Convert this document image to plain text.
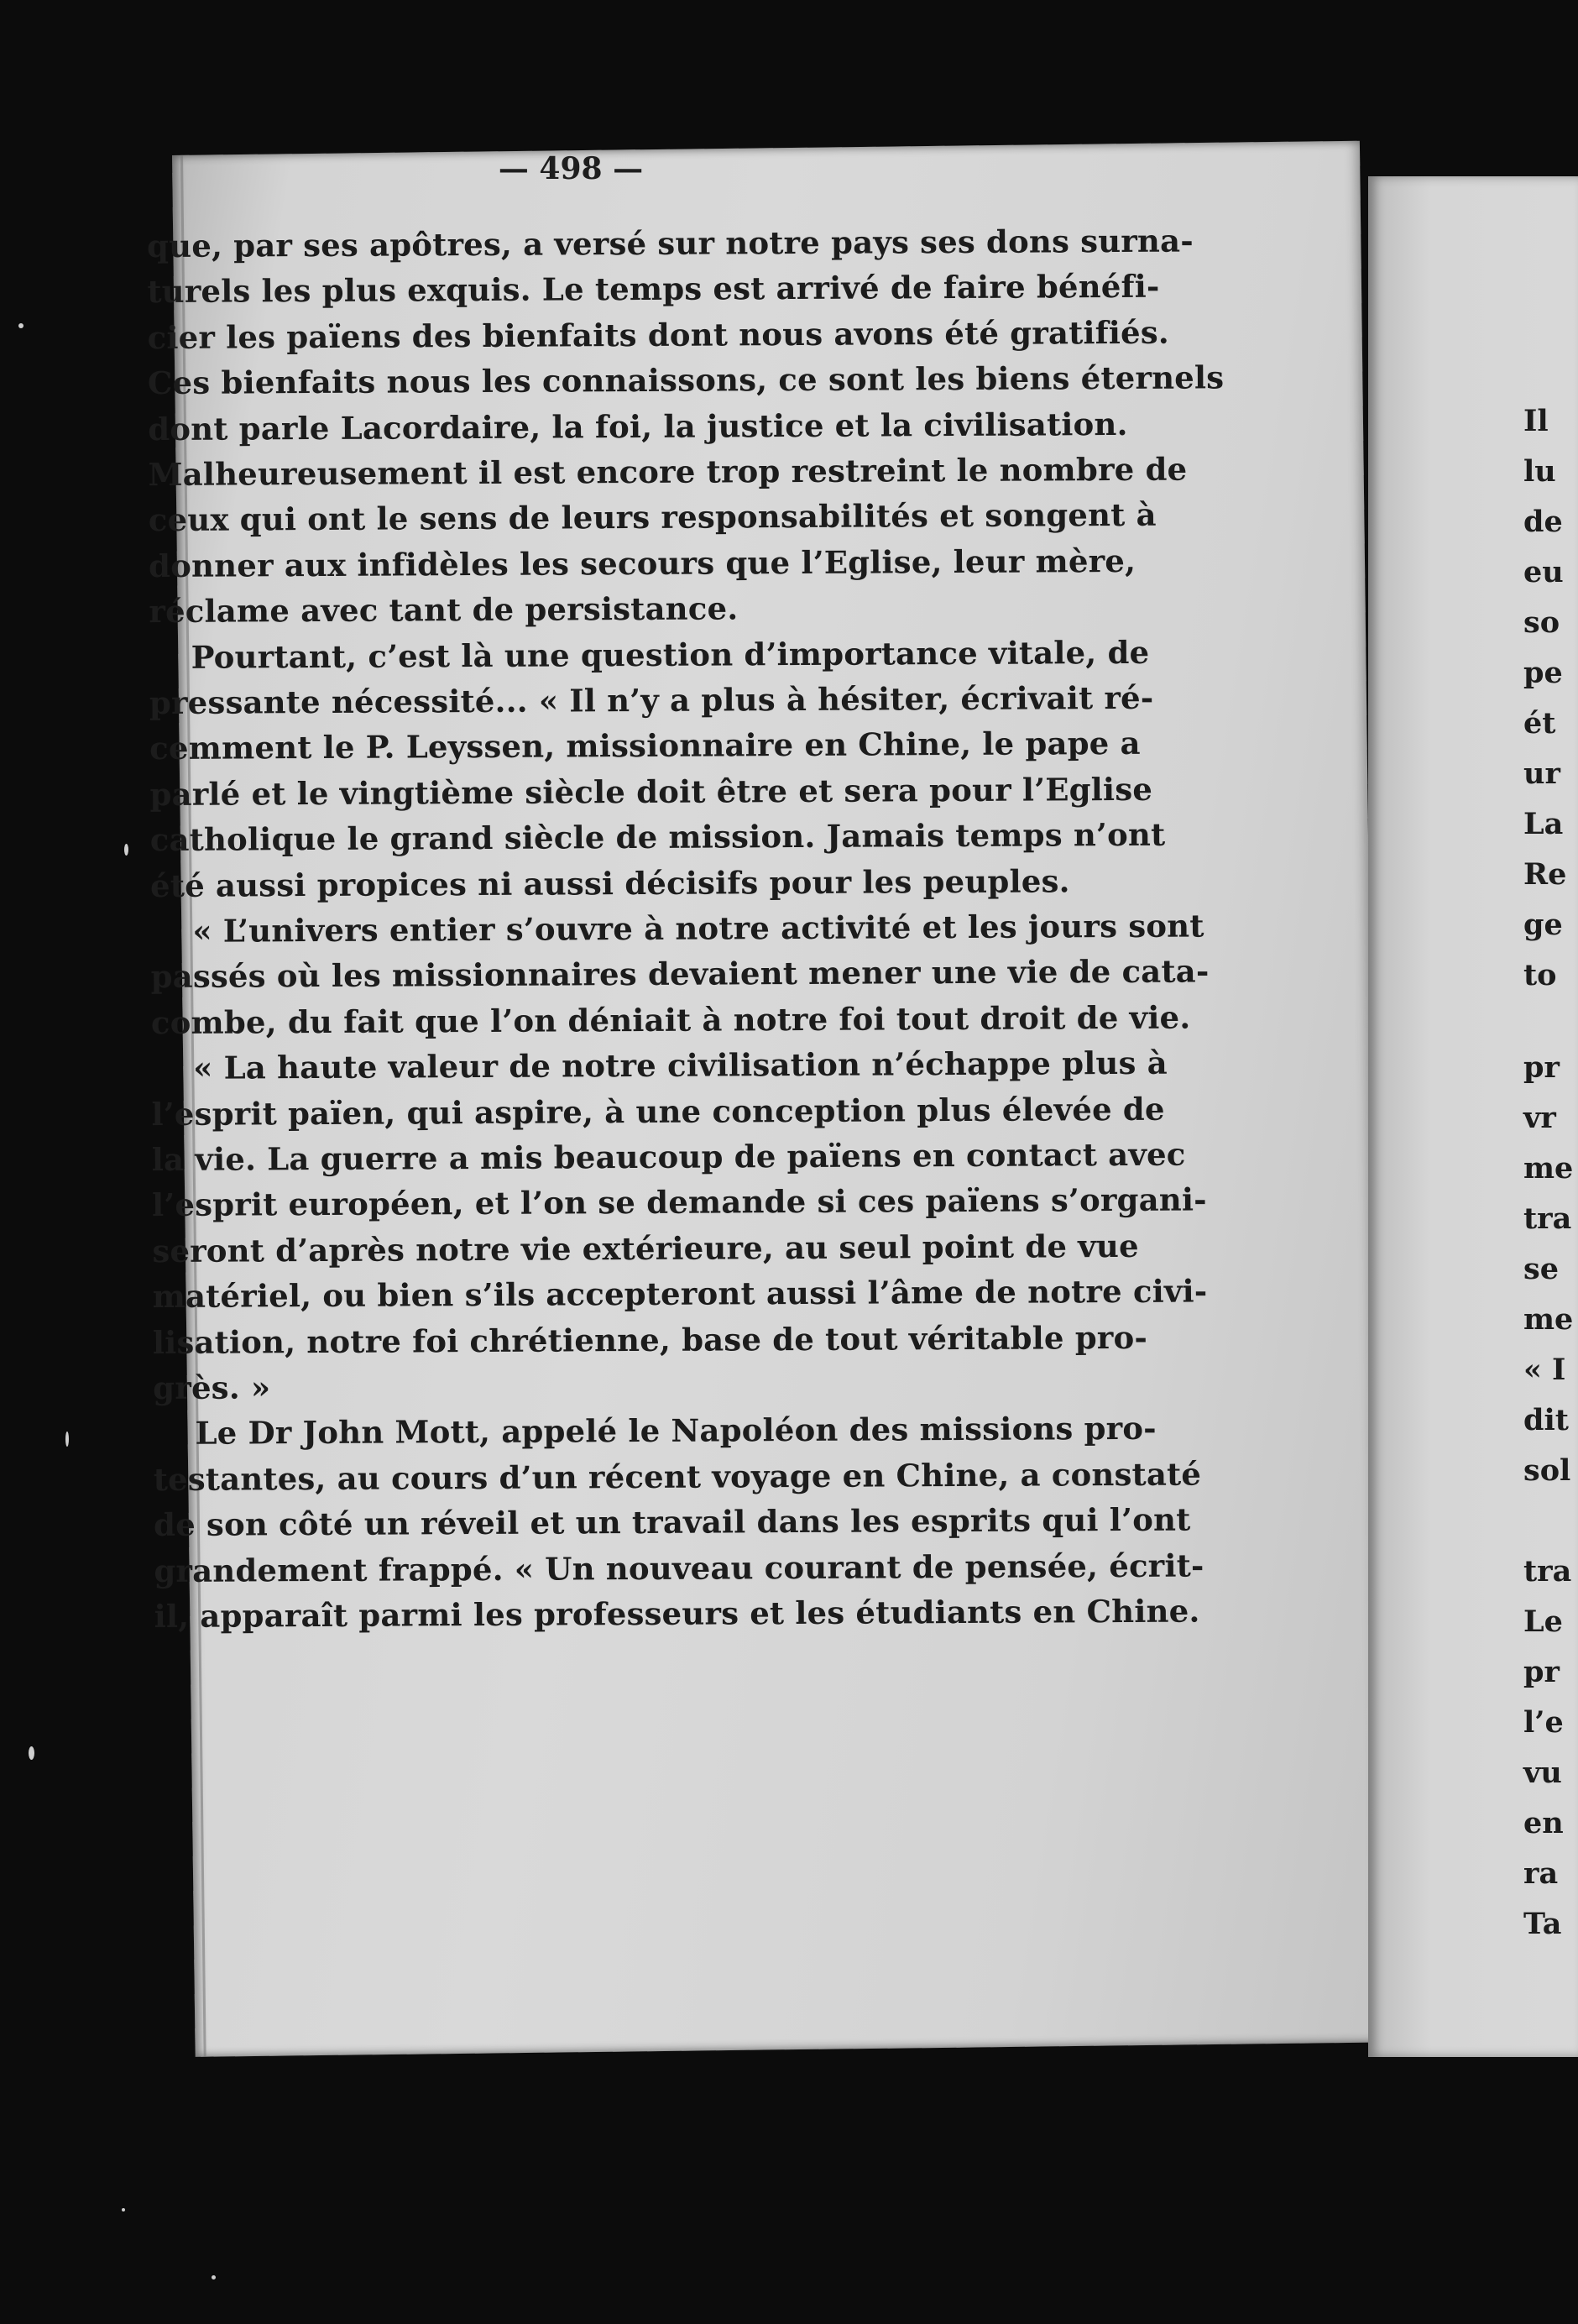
— 498 —
que, par ses apôtres, a versé sur notre pays ses dons surna-
turels les plus exquis. Le temps est arrivé de faire bénéfi-
cier les païens des bienfaits dont nous avons été gratifiés.
Ces bienfaits nous les connaissons, ce sont les biens éternels
dont parle Lacordaire, la foi, la justice et la civilisation.
Malheureusement il est encore trop restreint le nombre de
ceux qui ont le sens de leurs responsabilités et songent à
donner aux infidèles les secours que l’Eglise, leur mère,
réclame avec tant de persistance.
Pourtant, c’est là une question d’importance vitale, de
pressante nécessité... « Il n’y a plus à hésiter, écrivait ré-
cemment le P. Leyssen, missionnaire en Chine, le pape a
parlé et le vingtième siècle doit être et sera pour l’Eglise
catholique le grand siècle de mission. Jamais temps n’ont
été aussi propices ni aussi décisifs pour les peuples.
« L’univers entier s’ouvre à notre activité et les jours sont
passés où les missionnaires devaient mener une vie de cata-
combe, du fait que l’on déniait à notre foi tout droit de vie.
« La haute valeur de notre civilisation n’échappe plus à
l’esprit païen, qui aspire, à une conception plus élevée de
la vie. La guerre a mis beaucoup de païens en contact avec
l’esprit européen, et l’on se demande si ces païens s’organi-
seront d’après notre vie extérieure, au seul point de vue
matériel, ou bien s’ils accepteront aussi l’âme de notre civi-
lisation, notre foi chrétienne, base de tout véritable pro-
grès. »
Le Dr John Mott, appelé le Napoléon des missions pro-
testantes, au cours d’un récent voyage en Chine, a constaté
de son côté un réveil et un travail dans les esprits qui l’ont
grandement frappé. « Un nouveau courant de pensée, écrit-
il, apparaît parmi les professeurs et les étudiants en Chine.
Il
lu
de
eu
so
pe
ét
ur
La
Re
ge
to
pr
vr
me
tra
se
me
« I
dit
sol
tra
Le
pr
l’e
vu
en
ra
Ta
